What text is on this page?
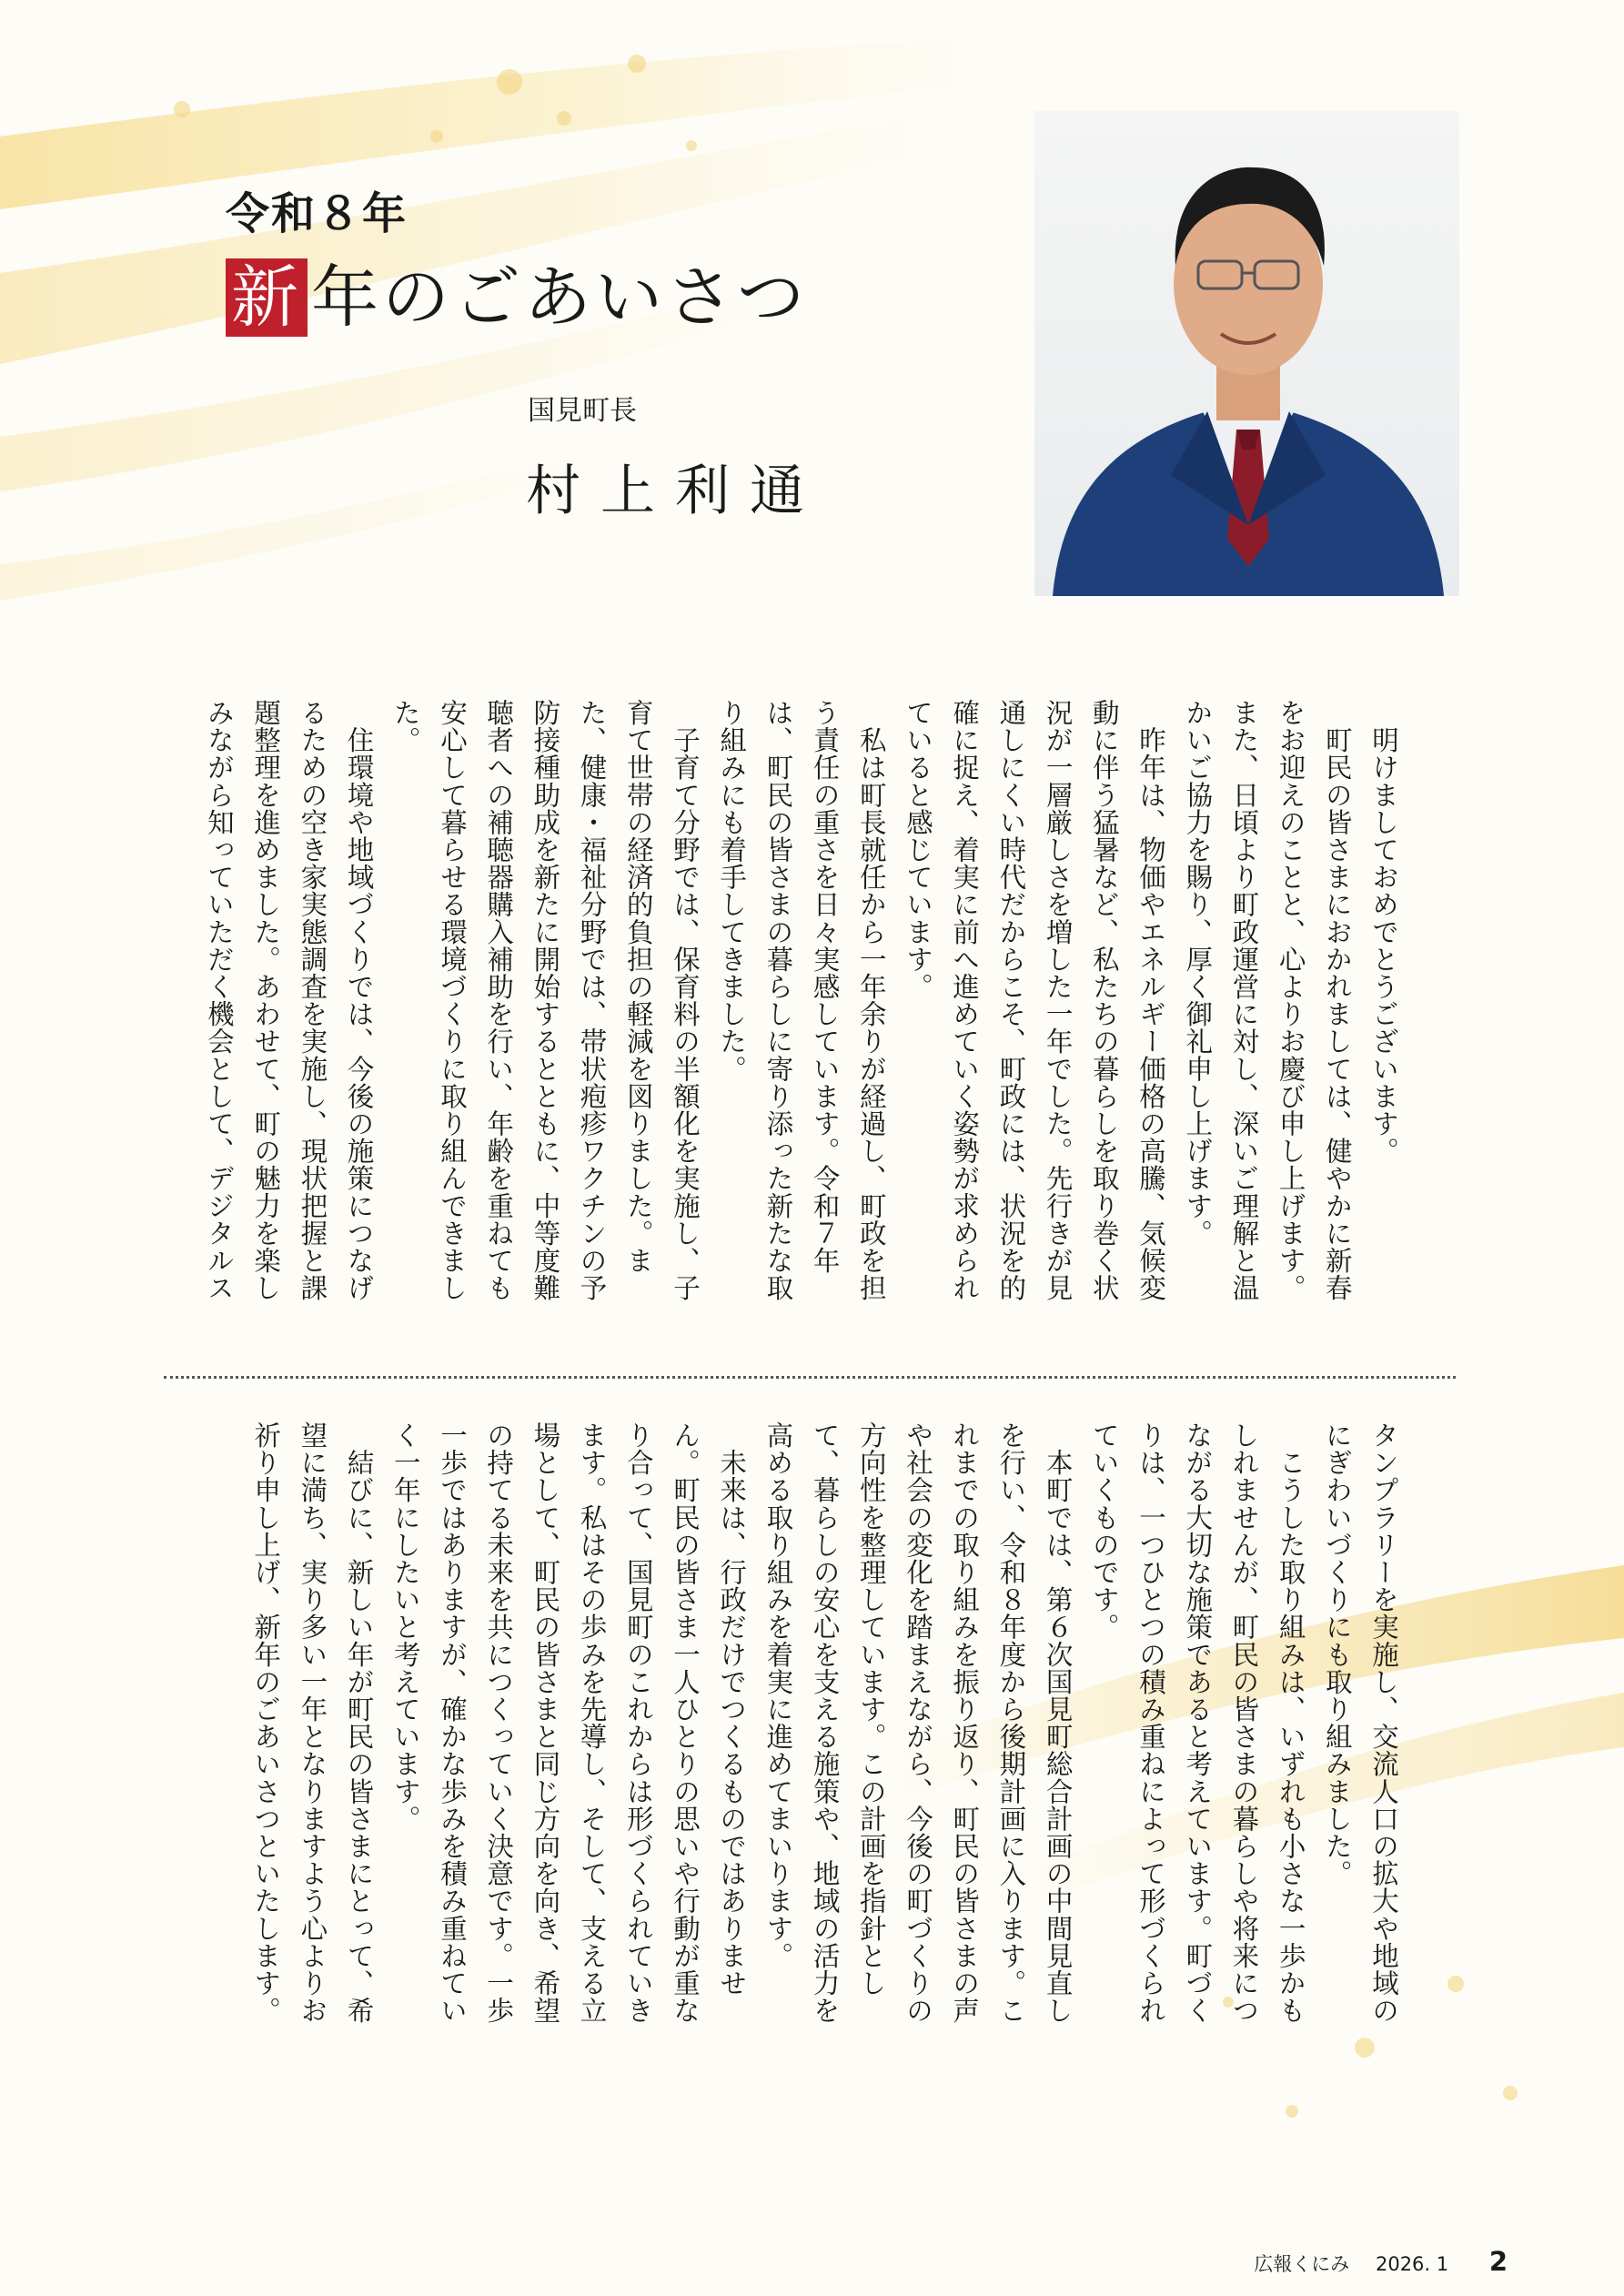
令和８年
新 年のごあいさつ
国見町長
村上利通
　明けましておめでとうございます。
　町民の皆さまにおかれましては、健やかに新春をお迎えのことと、心よりお慶び申し上げます。また、日頃より町政運営に対し、深いご理解と温かいご協力を賜り、厚く御礼申し上げます。
　昨年は、物価やエネルギー価格の高騰、気候変動に伴う猛暑など、私たちの暮らしを取り巻く状況が一層厳しさを増した一年でした。先行きが見通しにくい時代だからこそ、町政には、状況を的確に捉え、着実に前へ進めていく姿勢が求められていると感じています。
　私は町長就任から一年余りが経過し、町政を担う責任の重さを日々実感しています。令和７年は、町民の皆さまの暮らしに寄り添った新たな取り組みにも着手してきました。
　子育て分野では、保育料の半額化を実施し、子育て世帯の経済的負担の軽減を図りました。また、健康・福祉分野では、帯状疱疹ワクチンの予防接種助成を新たに開始するとともに、中等度難聴者への補聴器購入補助を行い、年齢を重ねても安心して暮らせる環境づくりに取り組んできました。
　住環境や地域づくりでは、今後の施策につなげるための空き家実態調査を実施し、現状把握と課題整理を進めました。あわせて、町の魅力を楽しみながら知っていただく機会として、デジタルス
タンプラリーを実施し、交流人口の拡大や地域のにぎわいづくりにも取り組みました。
　こうした取り組みは、いずれも小さな一歩かもしれませんが、町民の皆さまの暮らしや将来につながる大切な施策であると考えています。町づくりは、一つひとつの積み重ねによって形づくられていくものです。
　本町では、第６次国見町総合計画の中間見直しを行い、令和８年度から後期計画に入ります。これまでの取り組みを振り返り、町民の皆さまの声や社会の変化を踏まえながら、今後の町づくりの方向性を整理しています。この計画を指針として、暮らしの安心を支える施策や、地域の活力を高める取り組みを着実に進めてまいります。
　未来は、行政だけでつくるものではありません。町民の皆さま一人ひとりの思いや行動が重なり合って、国見町のこれからは形づくられていきます。私はその歩みを先導し、そして、支える立場として、町民の皆さまと同じ方向を向き、希望の持てる未来を共につくっていく決意です。一歩一歩ではありますが、確かな歩みを積み重ねていく一年にしたいと考えています。
　結びに、新しい年が町民の皆さまにとって、希望に満ち、実り多い一年となりますよう心よりお祈り申し上げ、新年のごあいさつといたします。
広報くにみ 2026. 1 2
